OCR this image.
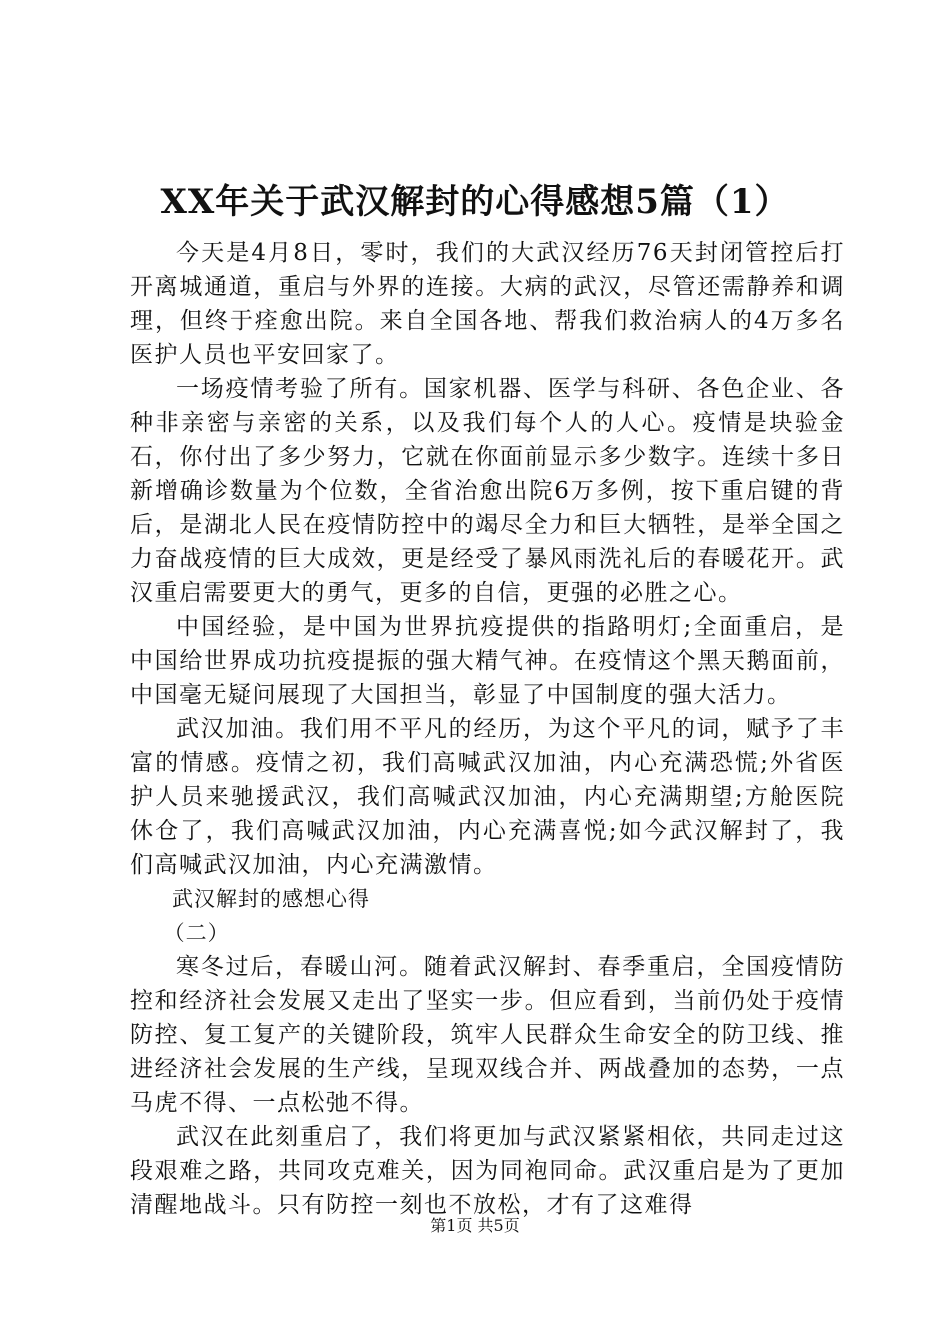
XX年关于武汉解封的心得感想5篇（1）

今天是4月8日，零时，我们的大武汉经历76天封闭管控后打开离城通道，重启与外界的连接。大病的武汉，尽管还需静养和调理，但终于痊愈出院。来自全国各地、帮我们救治病人的4万多名医护人员也平安回家了。

一场疫情考验了所有。国家机器、医学与科研、各色企业、各种非亲密与亲密的关系，以及我们每个人的人心。疫情是块验金石，你付出了多少努力，它就在你面前显示多少数字。连续十多日新增确诊数量为个位数，全省治愈出院6万多例，按下重启键的背后，是湖北人民在疫情防控中的竭尽全力和巨大牺牲，是举全国之力奋战疫情的巨大成效，更是经受了暴风雨洗礼后的春暖花开。武汉重启需要更大的勇气，更多的自信，更强的必胜之心。

中国经验，是中国为世界抗疫提供的指路明灯;全面重启，是中国给世界成功抗疫提振的强大精气神。在疫情这个黑天鹅面前，中国毫无疑问展现了大国担当，彰显了中国制度的强大活力。

武汉加油。我们用不平凡的经历，为这个平凡的词，赋予了丰富的情感。疫情之初，我们高喊武汉加油，内心充满恐慌;外省医护人员来驰援武汉，我们高喊武汉加油，内心充满期望;方舱医院休仓了，我们高喊武汉加油，内心充满喜悦;如今武汉解封了，我们高喊武汉加油，内心充满激情。

武汉解封的感想心得

（二）

寒冬过后，春暖山河。随着武汉解封、春季重启，全国疫情防控和经济社会发展又走出了坚实一步。但应看到，当前仍处于疫情防控、复工复产的关键阶段，筑牢人民群众生命安全的防卫线、推进经济社会发展的生产线，呈现双线合并、两战叠加的态势，一点马虎不得、一点松弛不得。

武汉在此刻重启了，我们将更加与武汉紧紧相依，共同走过这段艰难之路，共同攻克难关，因为同袍同命。武汉重启是为了更加清醒地战斗。只有防控一刻也不放松，才有了这难得

第1页 共5页
